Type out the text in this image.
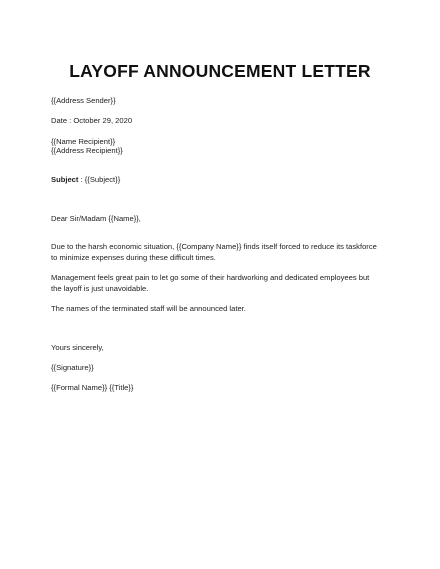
LAYOFF ANNOUNCEMENT LETTER
{{Address Sender}}
Date : October 29, 2020
{{Name Recipient}}
{{Address Recipient}}
Subject : {{Subject}}
Dear Sir/Madam {{Name}},
Due to the harsh economic situation, {{Company Name}} finds itself forced to reduce its taskforce to minimize expenses during these difficult times.
Management feels great pain to let go some of their hardworking and dedicated employees but the layoff is just unavoidable.
The names of the terminated staff will be announced later.
Yours sincerely,
{{Signature}}
{{Formal Name}} {{Title}}
